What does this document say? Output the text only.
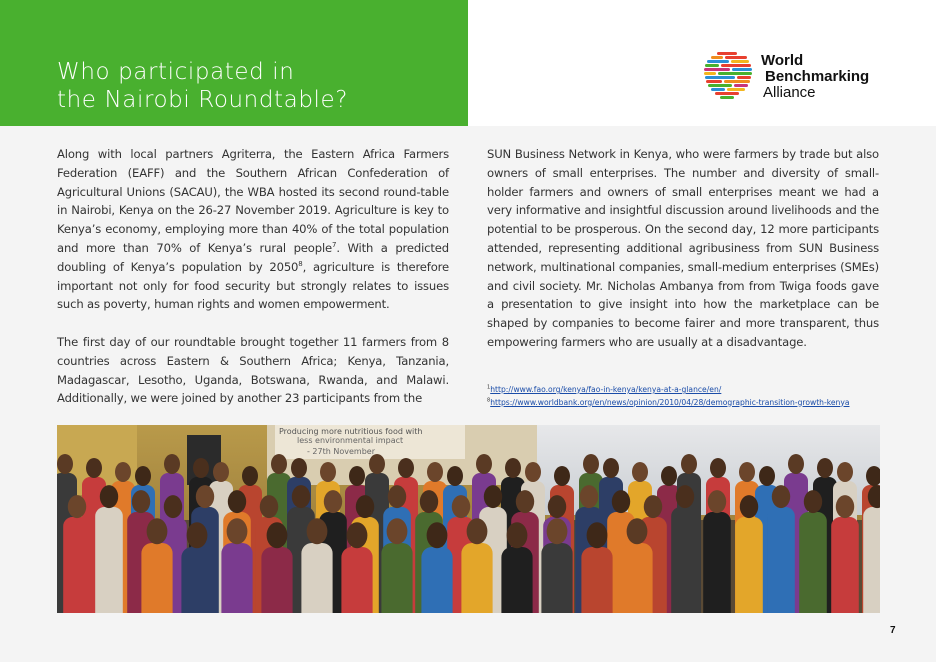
Who participated in
the Nairobi Roundtable?
World
Benchmarking
Alliance

Along with local partners Agriterra, the Eastern Africa Farmers Federation (EAFF) and the Southern African Confederation of Agricultural Unions (SACAU), the WBA hosted its second round-table in Nairobi, Kenya on the 26-27 November 2019. Agriculture is key to Kenya’s economy, employing more than 40% of the total population and more than 70% of Kenya’s rural people$^7$. With a predicted doubling of Kenya’s population by 2050$^8$, agriculture is therefore important not only for food security but strongly relates to issues such as poverty, human rights and women empowerment.

The first day of our roundtable brought together 11 farmers from 8 countries across Eastern & Southern Africa; Kenya, Tanzania, Madagascar, Lesotho, Uganda, Botswana, Rwanda, and Malawi. Additionally, we were joined by another 23 participants from the

SUN Business Network in Kenya, who were farmers by trade but also owners of small enterprises. The number and diversity of small-holder farmers and owners of small enterprises meant we had a very informative and insightful discussion around livelihoods and the potential to be prosperous. On the second day, 12 more participants attended, representing additional agribusiness from SUN Business network, multinational companies, small-medium enterprises (SMEs) and civil society. Mr. Nicholas Ambanya from from Twiga foods gave a presentation to give insight into how the marketplace can be shaped by companies to become fairer and more transparent, thus empowering farmers who are usually at a disadvantage.

$^1$http://www.fao.org/kenya/fao-in-kenya/kenya-at-a-glance/en/
$^8$https://www.worldbank.org/en/news/opinion/2010/04/28/demographic-transition-growth-kenya
Producing more nutritious food with
less environmental impact
- 27th November
7
